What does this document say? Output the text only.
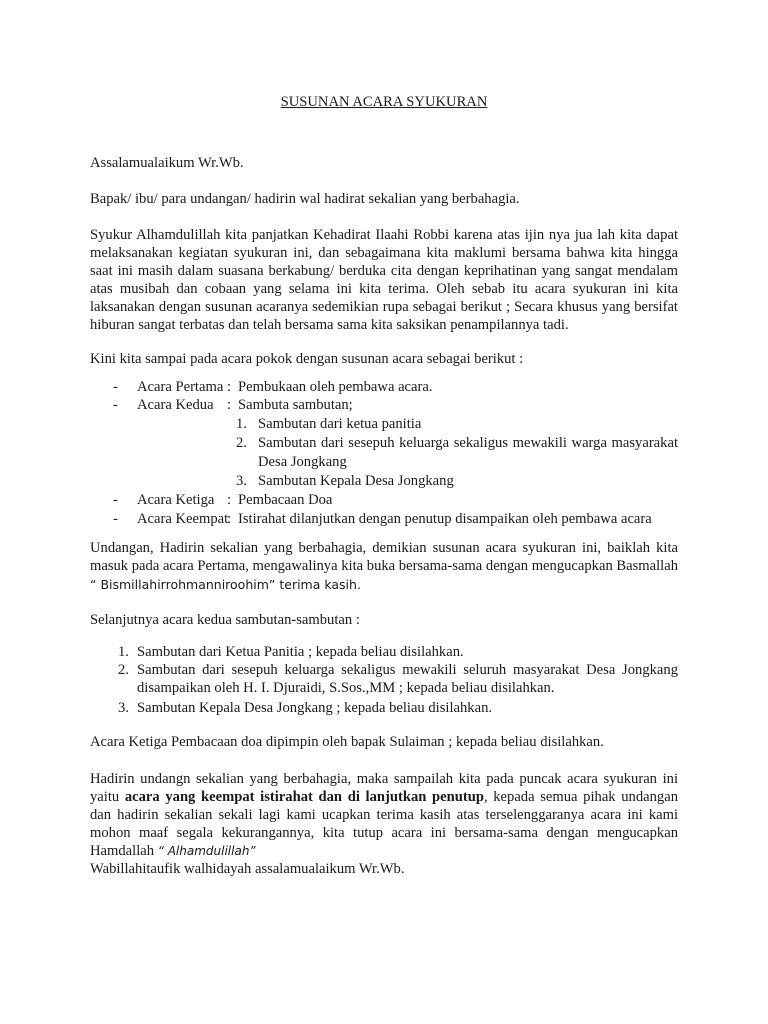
SUSUNAN ACARA SYUKURAN

Assalamualaikum Wr.Wb.

Bapak/ ibu/ para undangan/ hadirin wal hadirat sekalian yang berbahagia.

Syukur Alhamdulillah kita panjatkan Kehadirat Ilaahi Robbi karena atas ijin nya jua lah kita dapat melaksanakan kegiatan syukuran ini, dan sebagaimana kita maklumi bersama bahwa kita hingga saat ini masih dalam suasana berkabung/ berduka cita dengan keprihatinan yang sangat mendalam atas musibah dan cobaan yang selama ini kita terima. Oleh sebab itu acara syukuran ini kita laksanakan dengan susunan acaranya sedemikian rupa sebagai berikut ; Secara khusus yang bersifat hiburan sangat terbatas dan telah bersama sama kita saksikan penampilannya tadi.

Kini kita sampai pada acara pokok dengan susunan acara sebagai berikut :

- Acara Pertama : Pembukaan oleh pembawa acara.
- Acara Kedua : Sambuta sambutan;
1. Sambutan dari ketua panitia
2. Sambutan dari sesepuh keluarga sekaligus mewakili warga masyarakat Desa Jongkang
3. Sambutan Kepala Desa Jongkang
- Acara Ketiga : Pembacaan Doa
- Acara Keempat
: Istirahat dilanjutkan dengan penutup disampaikan oleh pembawa acara

Undangan, Hadirin sekalian yang berbahagia, demikian susunan acara syukuran ini, baiklah kita masuk pada acara Pertama, mengawalinya kita buka bersama-sama dengan mengucapkan Basmallah “ Bismillahirrohmanniroohim” terima kasih.

Selanjutnya acara kedua sambutan-sambutan :

1. Sambutan dari Ketua Panitia ; kepada beliau disilahkan.
2. Sambutan dari sesepuh keluarga sekaligus mewakili seluruh masyarakat Desa Jongkang disampaikan oleh H. I. Djuraidi, S.Sos.,MM ; kepada beliau disilahkan.
3. Sambutan Kepala Desa Jongkang ; kepada beliau disilahkan.

Acara Ketiga Pembacaan doa dipimpin oleh bapak Sulaiman ; kepada beliau disilahkan.

Hadirin undangn sekalian yang berbahagia, maka sampailah kita pada puncak acara syukuran ini yaitu acara yang keempat istirahat dan di lanjutkan penutup, kepada semua pihak undangan dan hadirin sekalian sekali lagi kami ucapkan terima kasih atas terselenggaranya acara ini kami mohon maaf segala kekurangannya, kita tutup acara ini bersama-sama dengan mengucapkan Hamdallah “ Alhamdulillah”

Wabillahitaufik walhidayah assalamualaikum Wr.Wb.
